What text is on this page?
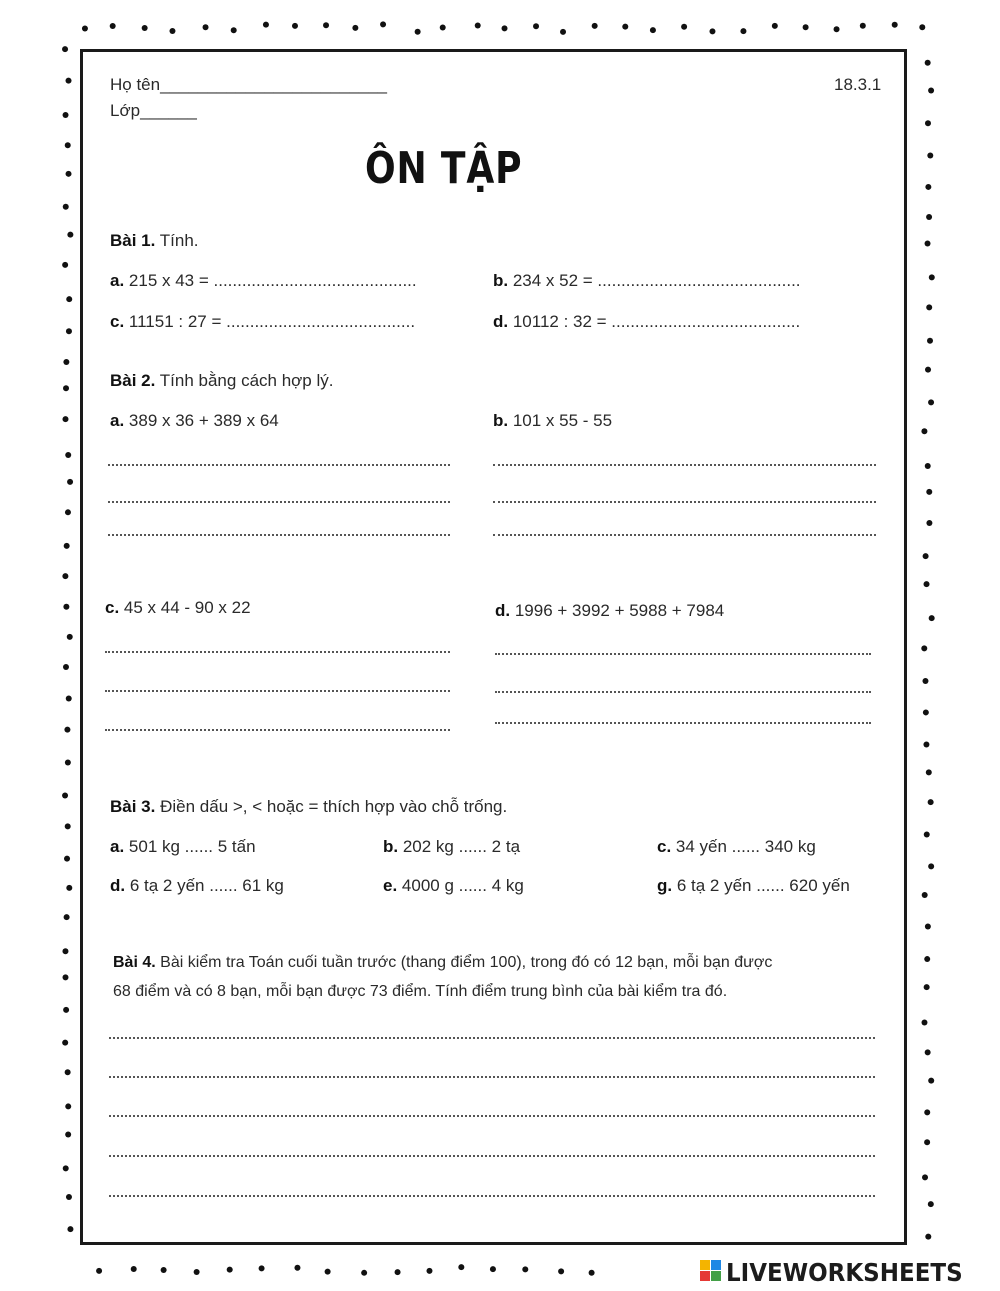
Họ tên________________________
Lớp______
18.3.1
ÔN TẬP
Bài 1. Tính.
a. 215 x 43 = ...........................................	b. 234 x 52 = ...........................................
c. 11151 : 27 = ........................................	d. 10112 : 32 = ........................................
Bài 2. Tính bằng cách hợp lý.
a. 389 x 36 + 389 x 64	b. 101 x 55 - 55
c. 45 x 44 - 90 x 22	d. 1996 + 3992 + 5988 + 7984
Bài 3. Điền dấu >, < hoặc = thích hợp vào chỗ trống.
a. 501 kg ...... 5 tấn	b. 202 kg ...... 2 tạ	c. 34 yến ...... 340 kg
d. 6 tạ 2 yến ...... 61 kg	e. 4000 g ...... 4 kg	g. 6 tạ 2 yến ...... 620 yến
Bài 4. Bài kiểm tra Toán cuối tuần trước (thang điểm 100), trong đó có 12 bạn, mỗi bạn được
68 điểm và có 8 bạn, mỗi bạn được 73 điểm. Tính điểm trung bình của bài kiểm tra đó.
LIVEWORKSHEETS
